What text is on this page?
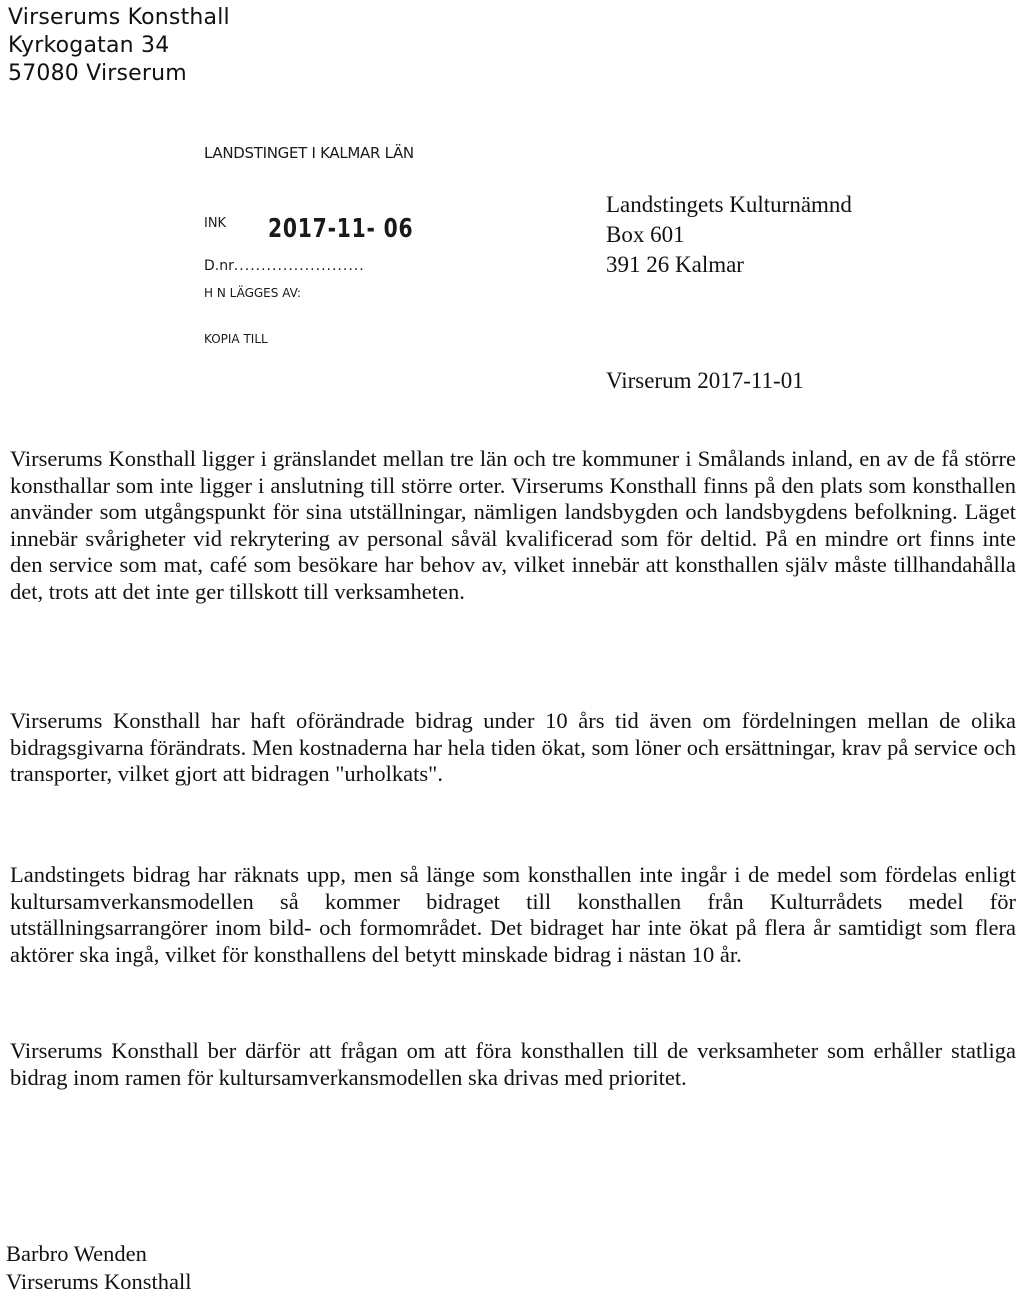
Virserums Konsthall
Kyrkogatan 34
57080 Virserum
LANDSTINGET I KALMAR LÄN
INK 2017-11- 06
D.nr........................
H N LÄGGES AV:
KOPIA TILL
Landstingets Kulturnämnd
Box 601
391 26 Kalmar
Virserum 2017-11-01

Virserums Konsthall ligger i gränslandet mellan tre län och tre kommuner i Smålands inland, en av de få större konsthallar som inte ligger i anslutning till större orter. Virserums Konsthall finns på den plats som konsthallen använder som utgångspunkt för sina utställningar, nämligen landsbygden och landsbygdens befolkning. Läget innebär svårigheter vid rekrytering av personal såväl kvalificerad som för deltid. På en mindre ort finns inte den service som mat, café som besökare har behov av, vilket innebär att konsthallen själv måste tillhandahålla det, trots att det inte ger tillskott till verksamheten.

Virserums Konsthall har haft oförändrade bidrag under 10 års tid även om fördelningen mellan de olika bidragsgivarna förändrats. Men kostnaderna har hela tiden ökat, som löner och ersättningar, krav på service och transporter, vilket gjort att bidragen "urholkats".

Landstingets bidrag har räknats upp, men så länge som konsthallen inte ingår i de medel som fördelas enligt kultursamverkansmodellen så kommer bidraget till konsthallen från Kulturrådets medel för utställningsarrangörer inom bild- och formområdet. Det bidraget har inte ökat på flera år samtidigt som flera aktörer ska ingå, vilket för konsthallens del betytt minskade bidrag i nästan 10 år.

Virserums Konsthall ber därför att frågan om att föra konsthallen till de verksamheter som erhåller statliga bidrag inom ramen för kultursamverkansmodellen ska drivas med prioritet.

Barbro Wenden
Virserums Konsthall
